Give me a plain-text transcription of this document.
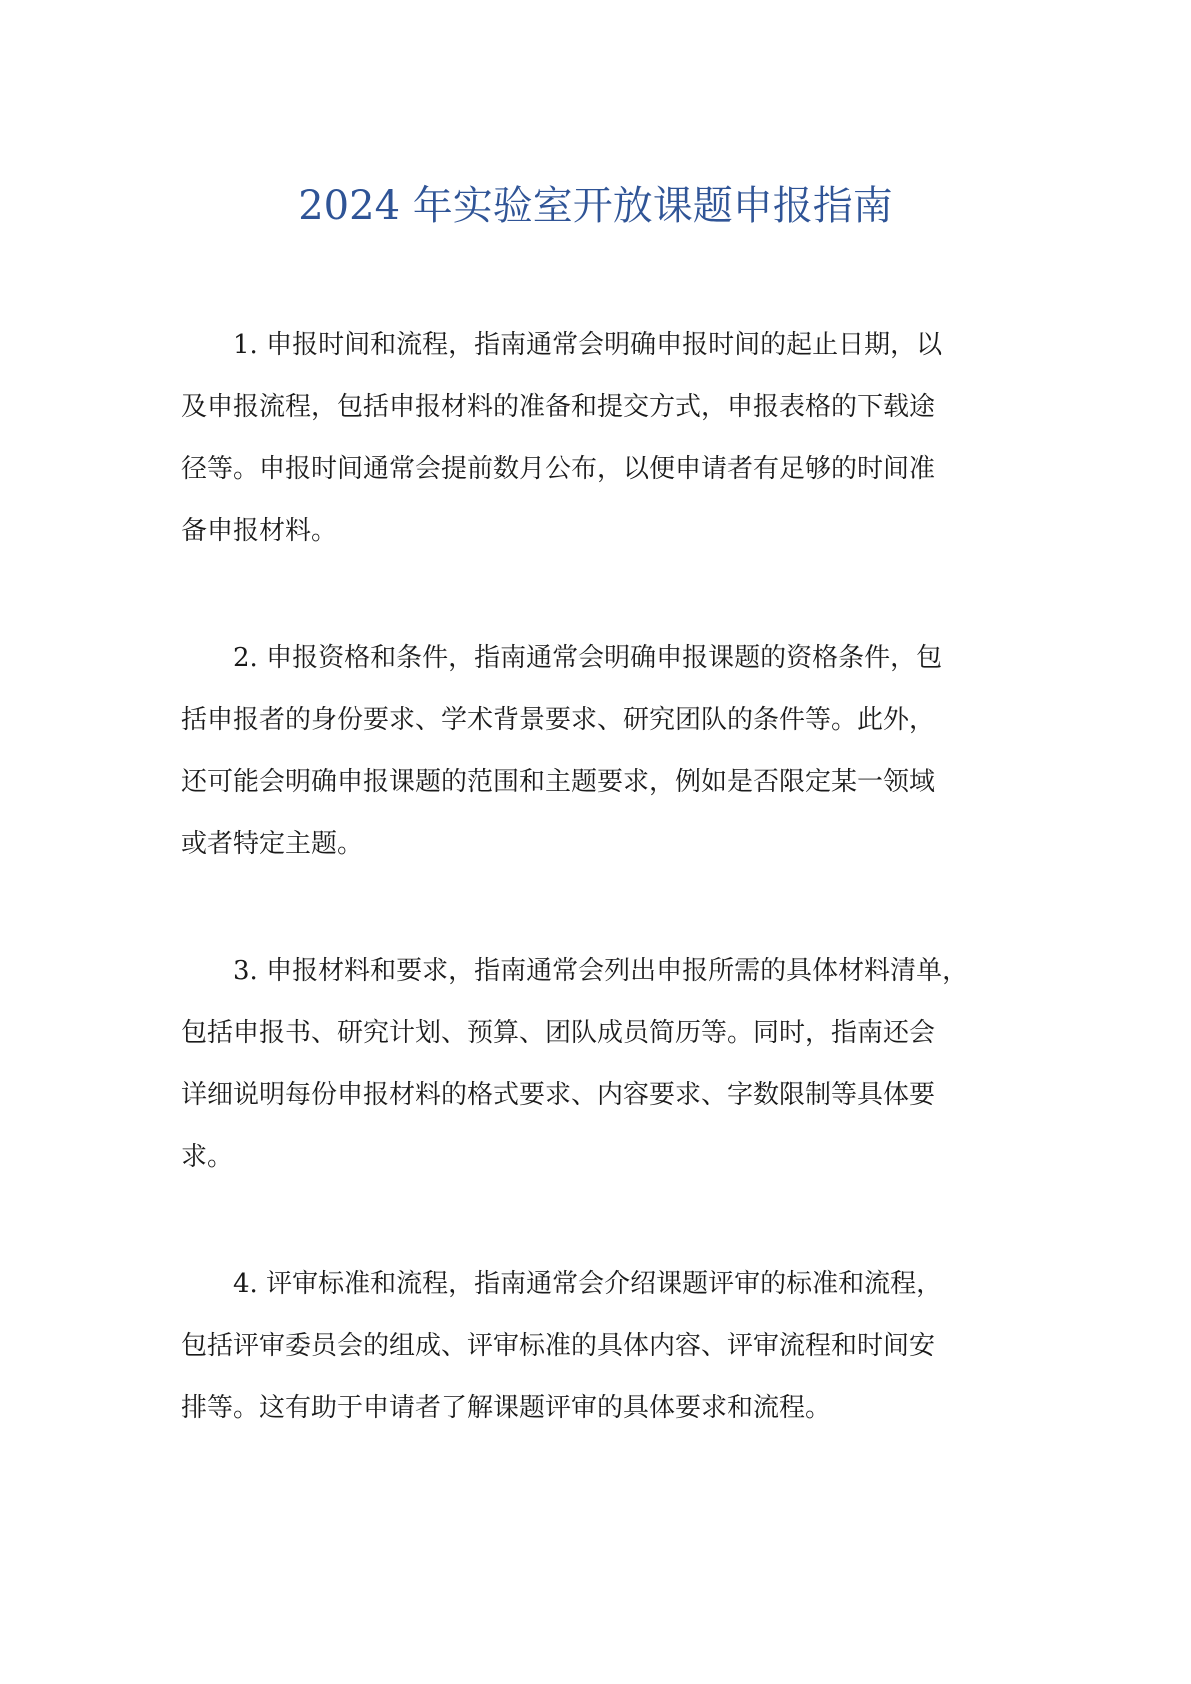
2024 年实验室开放课题申报指南
1. 申报时间和流程，指南通常会明确申报时间的起止日期，以
及申报流程，包括申报材料的准备和提交方式，申报表格的下载途
径等。申报时间通常会提前数月公布，以便申请者有足够的时间准
备申报材料。
2. 申报资格和条件，指南通常会明确申报课题的资格条件，包
括申报者的身份要求、学术背景要求、研究团队的条件等。此外，
还可能会明确申报课题的范围和主题要求，例如是否限定某一领域
或者特定主题。
3. 申报材料和要求，指南通常会列出申报所需的具体材料清单，
包括申报书、研究计划、预算、团队成员简历等。同时，指南还会
详细说明每份申报材料的格式要求、内容要求、字数限制等具体要
求。
4. 评审标准和流程，指南通常会介绍课题评审的标准和流程，
包括评审委员会的组成、评审标准的具体内容、评审流程和时间安
排等。这有助于申请者了解课题评审的具体要求和流程。
